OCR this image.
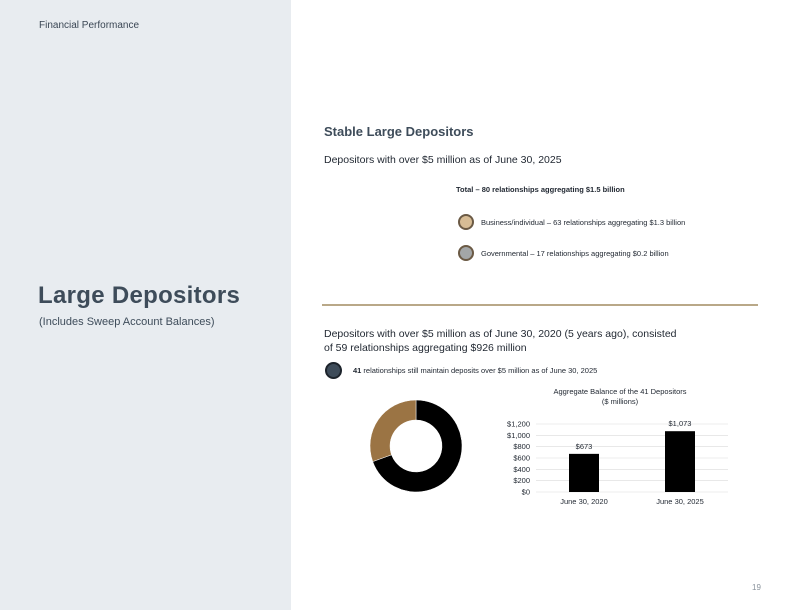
Financial Performance
Large Depositors
(Includes Sweep Account Balances)
Stable Large Depositors
Depositors with over $5 million as of June 30, 2025
Total – 80 relationships aggregating $1.5 billion
Business/individual – 63 relationships aggregating $1.3 billion
Governmental – 17 relationships aggregating $0.2 billion
Depositors with over $5 million as of June 30, 2020 (5 years ago), consisted of 59 relationships aggregating $926 million
41 relationships still maintain deposits over $5 million as of June 30, 2025
Aggregate Balance of the 41 Depositors
($ millions)
$0
$200
$400
$600
$800
$1,000
$1,200
$673
June 30, 2020
$1,073
June 30, 2025
19
